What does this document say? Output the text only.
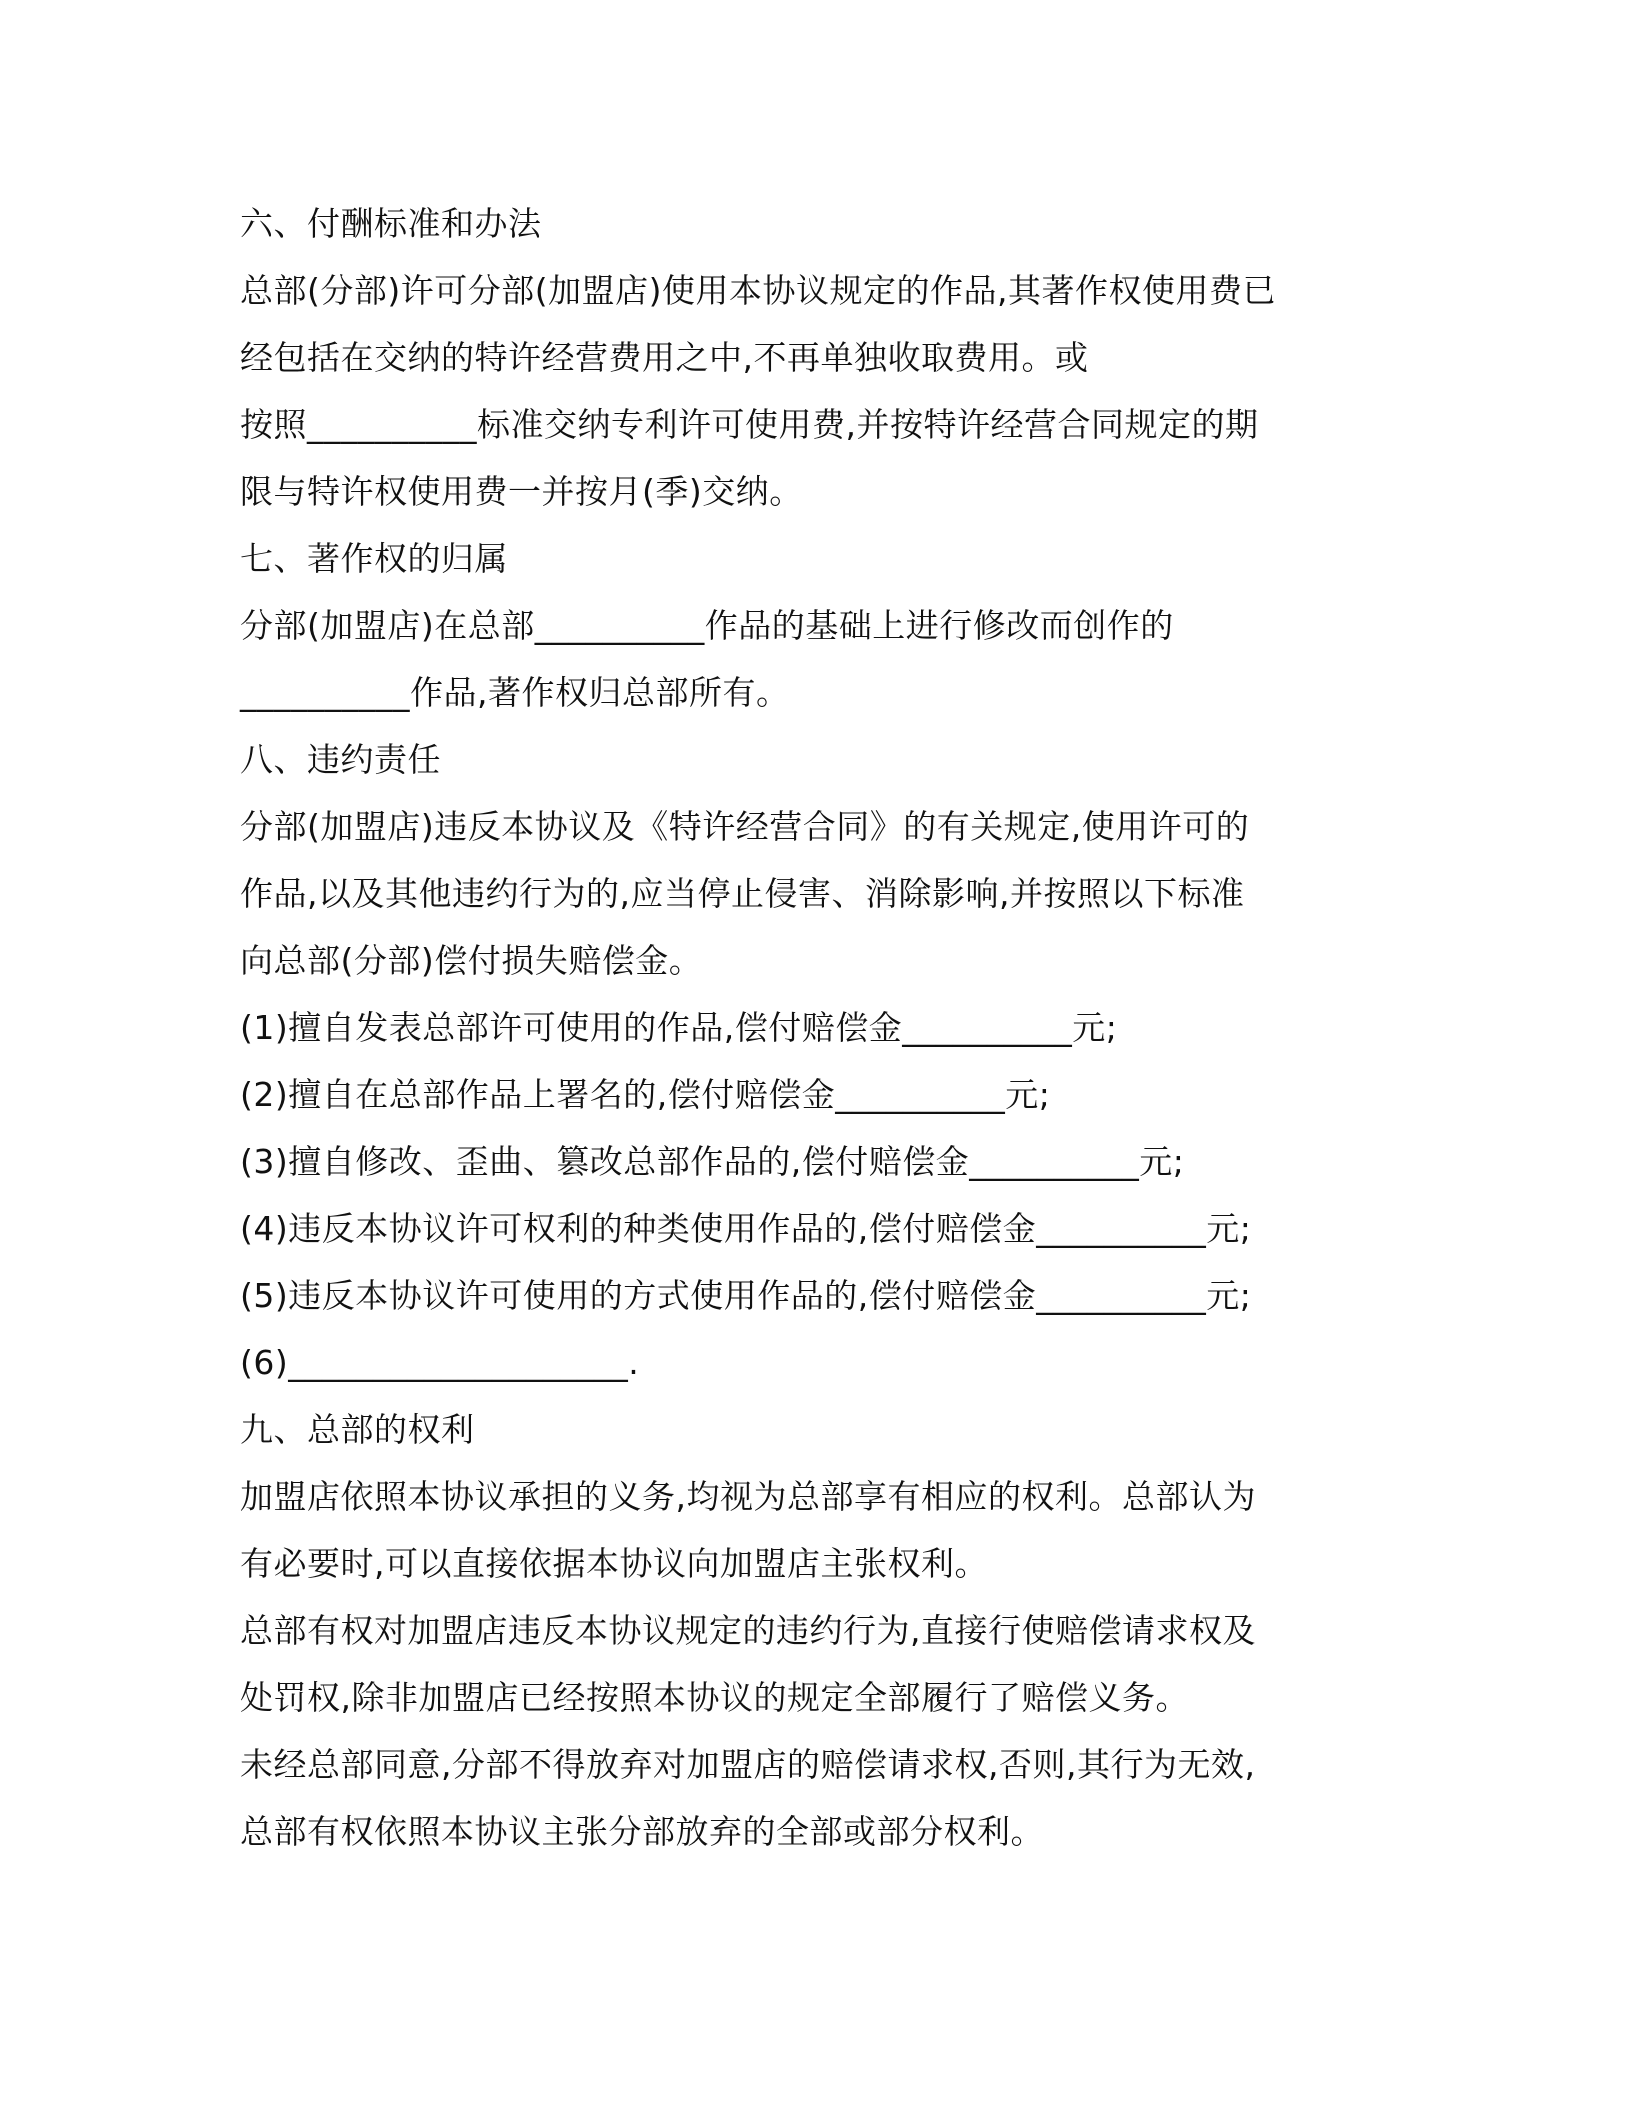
六、付酬标准和办法
总部(分部)许可分部(加盟店)使用本协议规定的作品,其著作权使用费已
经包括在交纳的特许经营费用之中,不再单独收取费用。或
按照__________标准交纳专利许可使用费,并按特许经营合同规定的期
限与特许权使用费一并按月(季)交纳。
七、著作权的归属
分部(加盟店)在总部__________作品的基础上进行修改而创作的
__________作品,著作权归总部所有。
八、违约责任
分部(加盟店)违反本协议及《特许经营合同》的有关规定,使用许可的
作品,以及其他违约行为的,应当停止侵害、消除影响,并按照以下标准
向总部(分部)偿付损失赔偿金。
(1)擅自发表总部许可使用的作品,偿付赔偿金__________元;
(2)擅自在总部作品上署名的,偿付赔偿金__________元;
(3)擅自修改、歪曲、篡改总部作品的,偿付赔偿金__________元;
(4)违反本协议许可权利的种类使用作品的,偿付赔偿金__________元;
(5)违反本协议许可使用的方式使用作品的,偿付赔偿金__________元;
(6)____________________.
九、总部的权利
加盟店依照本协议承担的义务,均视为总部享有相应的权利。总部认为
有必要时,可以直接依据本协议向加盟店主张权利。
总部有权对加盟店违反本协议规定的违约行为,直接行使赔偿请求权及
处罚权,除非加盟店已经按照本协议的规定全部履行了赔偿义务。
未经总部同意,分部不得放弃对加盟店的赔偿请求权,否则,其行为无效,
总部有权依照本协议主张分部放弃的全部或部分权利。
